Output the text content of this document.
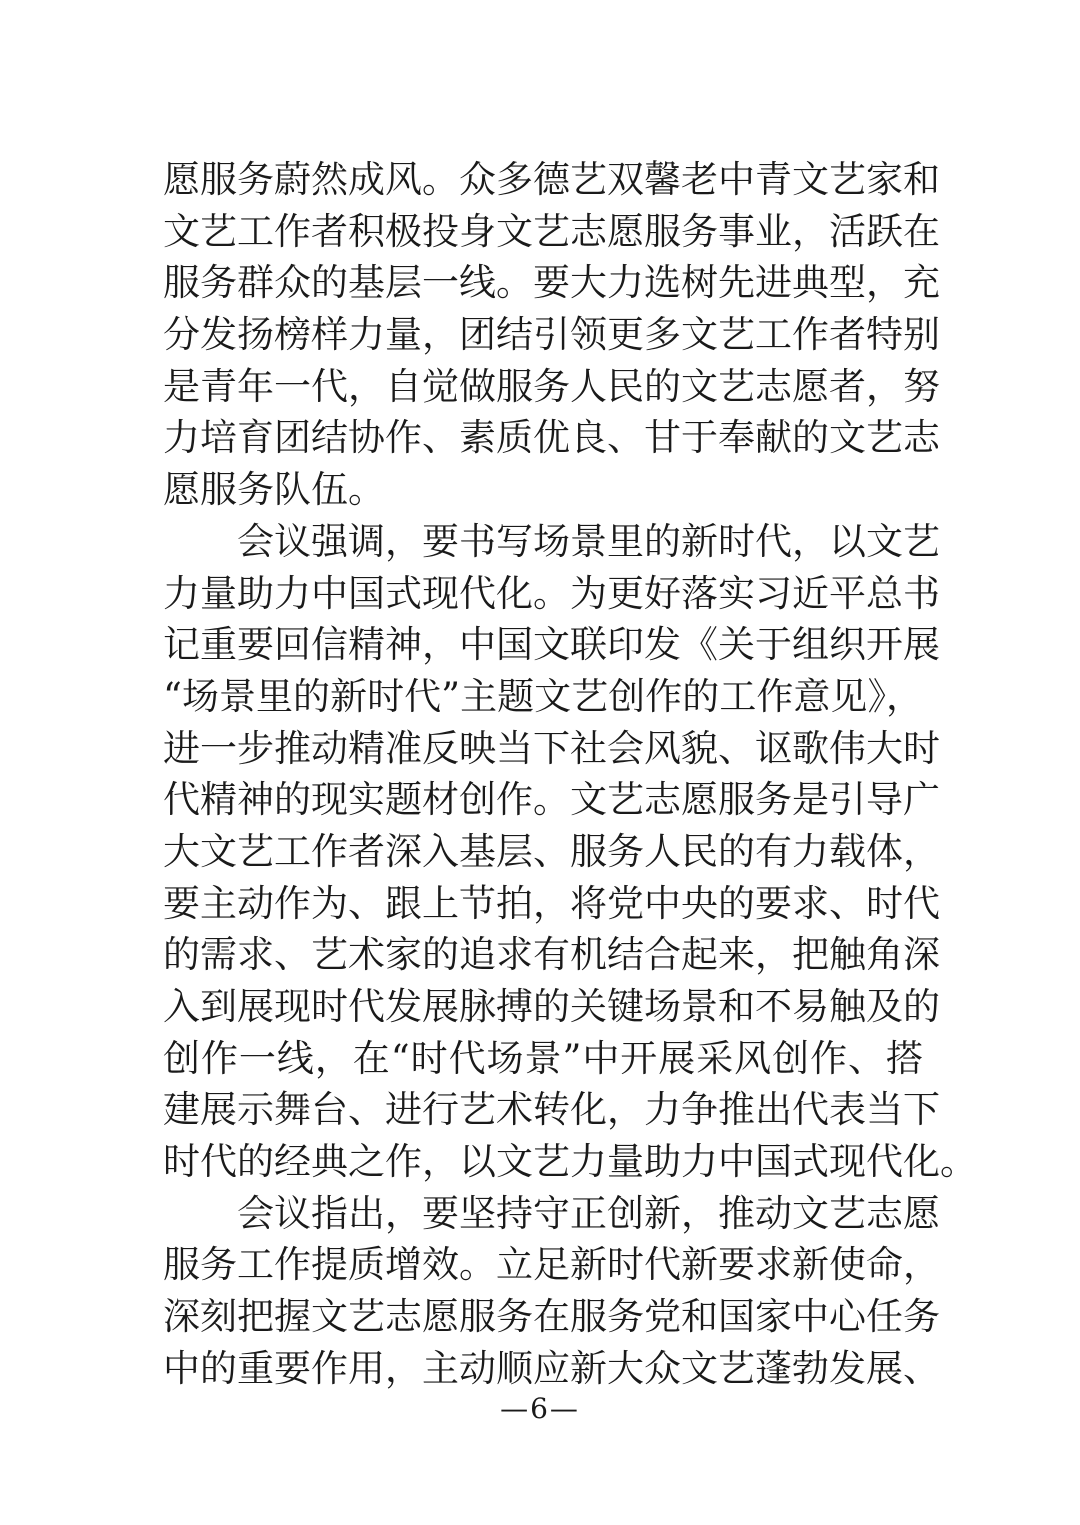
愿服务蔚然成风。众多德艺双馨老中青文艺家和
文艺工作者积极投身文艺志愿服务事业，活跃在
服务群众的基层一线。要大力选树先进典型，充
分发扬榜样力量，团结引领更多文艺工作者特别
是青年一代，自觉做服务人民的文艺志愿者，努
力培育团结协作、素质优良、甘于奉献的文艺志
愿服务队伍。
会议强调，要书写场景里的新时代，以文艺
力量助力中国式现代化。为更好落实习近平总书
记重要回信精神，中国文联印发《关于组织开展
“场景里的新时代”主题文艺创作的工作意见》，
进一步推动精准反映当下社会风貌、讴歌伟大时
代精神的现实题材创作。文艺志愿服务是引导广
大文艺工作者深入基层、服务人民的有力载体，
要主动作为、跟上节拍，将党中央的要求、时代
的需求、艺术家的追求有机结合起来，把触角深
入到展现时代发展脉搏的关键场景和不易触及的
创作一线，在“时代场景”中开展采风创作、搭
建展示舞台、进行艺术转化，力争推出代表当下
时代的经典之作，以文艺力量助力中国式现代化。
会议指出，要坚持守正创新，推动文艺志愿
服务工作提质增效。立足新时代新要求新使命，
深刻把握文艺志愿服务在服务党和国家中心任务
中的重要作用，主动顺应新大众文艺蓬勃发展、
—6—
